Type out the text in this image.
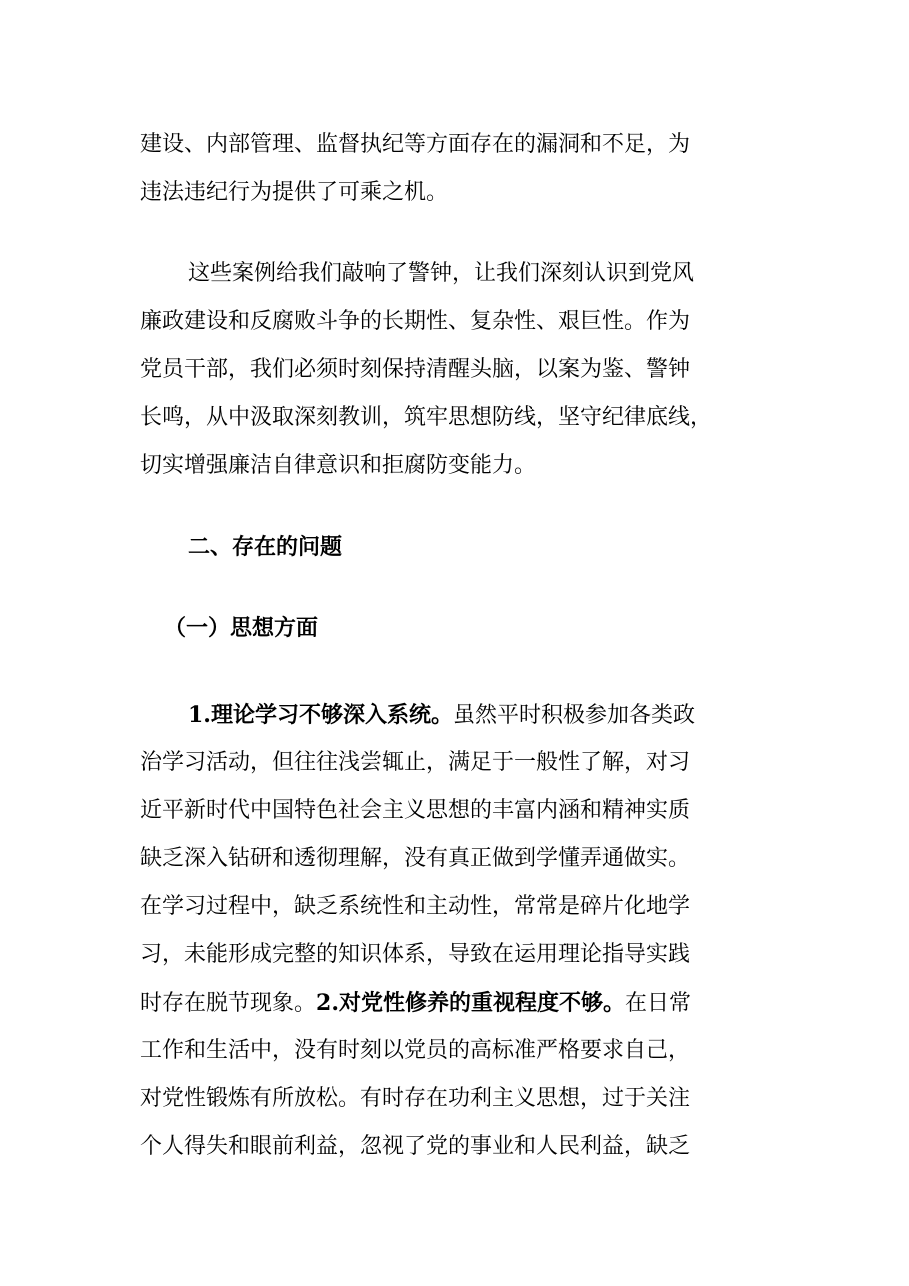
建设、内部管理、监督执纪等方面存在的漏洞和不足，为
违法违纪行为提供了可乘之机。
这些案例给我们敲响了警钟，让我们深刻认识到党风
廉政建设和反腐败斗争的长期性、复杂性、艰巨性。作为
党员干部，我们必须时刻保持清醒头脑，以案为鉴、警钟
长鸣，从中汲取深刻教训，筑牢思想防线，坚守纪律底线，
切实增强廉洁自律意识和拒腐防变能力。
二、存在的问题
（一）思想方面
1.理论学习不够深入系统。虽然平时积极参加各类政
治学习活动，但往往浅尝辄止，满足于一般性了解，对习
近平新时代中国特色社会主义思想的丰富内涵和精神实质
缺乏深入钻研和透彻理解，没有真正做到学懂弄通做实。
在学习过程中，缺乏系统性和主动性，常常是碎片化地学
习，未能形成完整的知识体系，导致在运用理论指导实践
时存在脱节现象。2.对党性修养的重视程度不够。在日常
工作和生活中，没有时刻以党员的高标准严格要求自己，
对党性锻炼有所放松。有时存在功利主义思想，过于关注
个人得失和眼前利益，忽视了党的事业和人民利益，缺乏
